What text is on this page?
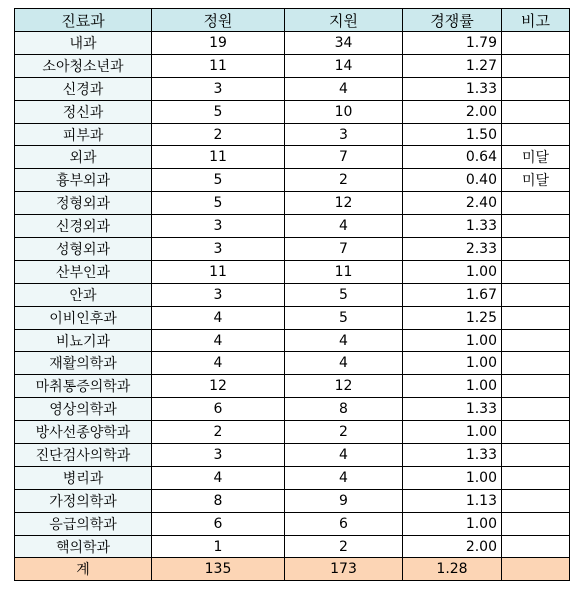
진료과	정원	지원	경쟁률	비고
내과	19	34	1.79	
소아청소년과	11	14	1.27	
신경과	3	4	1.33	
정신과	5	10	2.00	
피부과	2	3	1.50	
외과	11	7	0.64	미달
흉부외과	5	2	0.40	미달
정형외과	5	12	2.40	
신경외과	3	4	1.33	
성형외과	3	7	2.33	
산부인과	11	11	1.00	
안과	3	5	1.67	
이비인후과	4	5	1.25	
비뇨기과	4	4	1.00	
재활의학과	4	4	1.00	
마취통증의학과	12	12	1.00	
영상의학과	6	8	1.33	
방사선종양학과	2	2	1.00	
진단검사의학과	3	4	1.33	
병리과	4	4	1.00	
가정의학과	8	9	1.13	
응급의학과	6	6	1.00	
핵의학과	1	2	2.00	
계	135	173	1.28	
